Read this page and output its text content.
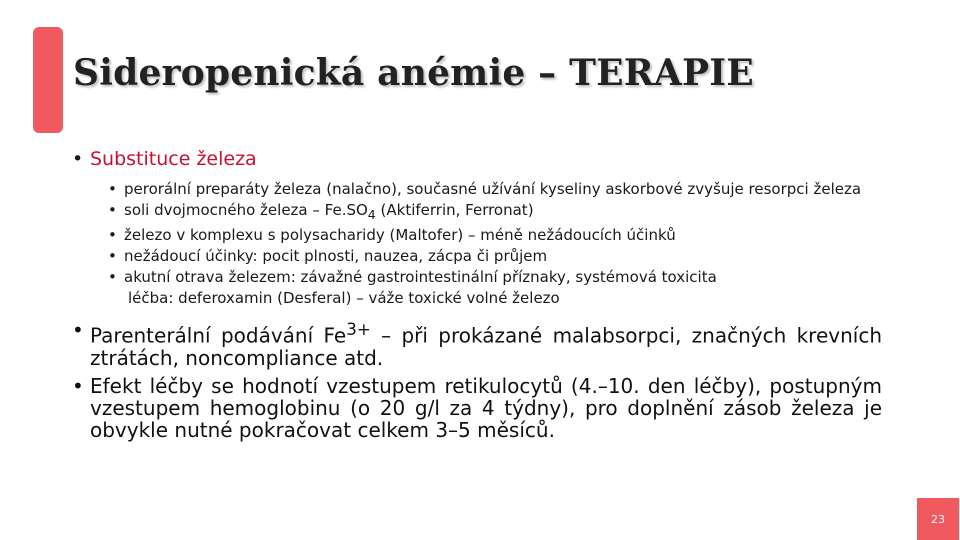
Sideropenická anémie – TERAPIE
• Substituce železa
• perorální preparáty železa (nalačno), současné užívání kyseliny askorbové zvyšuje resorpci železa
• soli dvojmocného železa – $Fe.SO_4$ (Aktiferrin, Ferronat)
• železo v komplexu s polysacharidy (Maltofer) – méně nežádoucích účinků
• nežádoucí účinky: pocit plnosti, nauzea, zácpa či průjem
• akutní otrava železem: závažné gastrointestinální příznaky, systémová toxicita
léčba: deferoxamin (Desferal) – váže toxické volné železo
• Parenterální podávání $Fe^{3+}$ – při prokázané malabsorpci, značných krevních ztrátách, noncompliance atd.
• Efekt léčby se hodnotí vzestupem retikulocytů (4.–10. den léčby), postupným vzestupem hemoglobinu (o 20 g/l za 4 týdny), pro doplnění zásob železa je obvykle nutné pokračovat celkem 3–5 měsíců.
23
